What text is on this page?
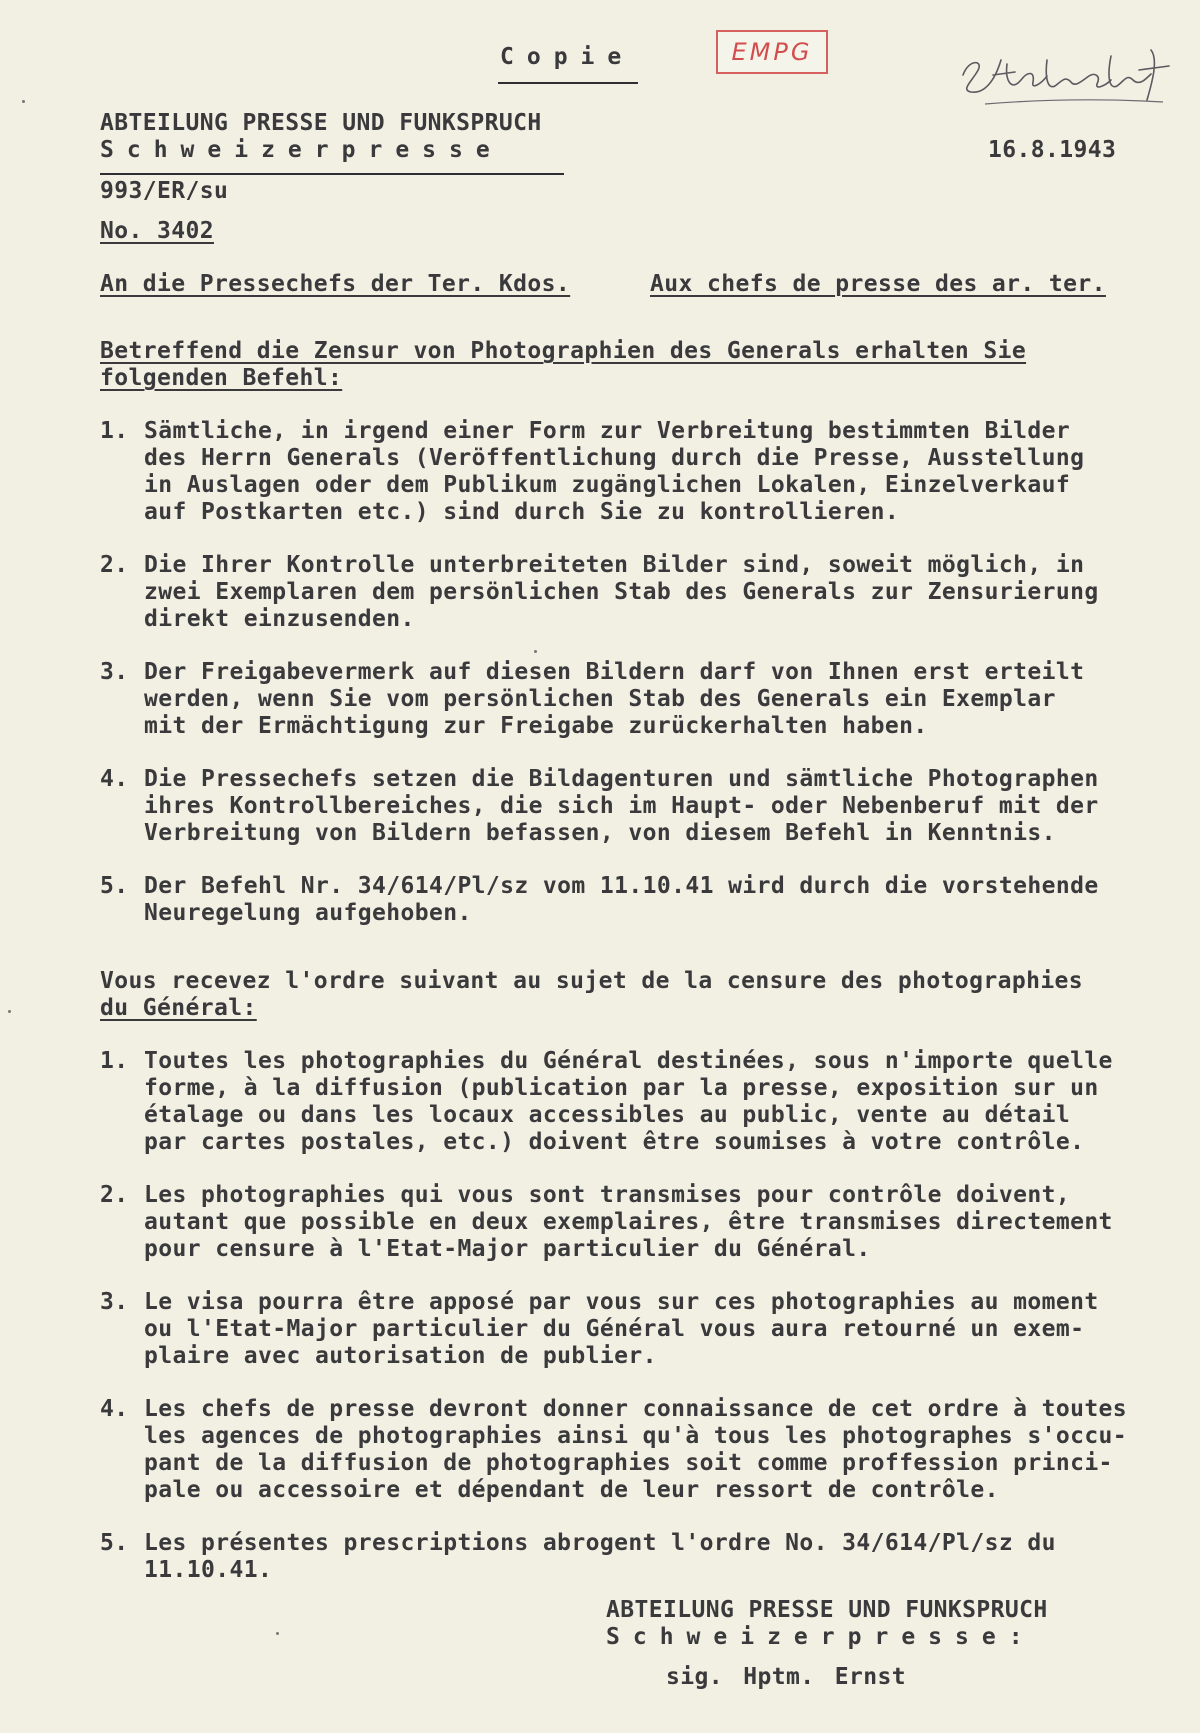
Copie	EMPG
ABTEILUNG PRESSE UND FUNKSPRUCH
Schweizerpresse	16.8.1943
993/ER/su
No. 3402
An die Pressechefs der Ter. Kdos.	Aux chefs de presse des ar. ter.
Betreffend die Zensur von Photographien des Generals erhalten Sie
folgenden Befehl:
1. Sämtliche, in irgend einer Form zur Verbreitung bestimmten Bilder
des Herrn Generals (Veröffentlichung durch die Presse, Ausstellung
in Auslagen oder dem Publikum zugänglichen Lokalen, Einzelverkauf
auf Postkarten etc.) sind durch Sie zu kontrollieren.
2. Die Ihrer Kontrolle unterbreiteten Bilder sind, soweit möglich, in
zwei Exemplaren dem persönlichen Stab des Generals zur Zensurierung
direkt einzusenden.
3. Der Freigabevermerk auf diesen Bildern darf von Ihnen erst erteilt
werden, wenn Sie vom persönlichen Stab des Generals ein Exemplar
mit der Ermächtigung zur Freigabe zurückerhalten haben.
4. Die Pressechefs setzen die Bildagenturen und sämtliche Photographen
ihres Kontrollbereiches, die sich im Haupt- oder Nebenberuf mit der
Verbreitung von Bildern befassen, von diesem Befehl in Kenntnis.
5. Der Befehl Nr. 34/614/Pl/sz vom 11.10.41 wird durch die vorstehende
Neuregelung aufgehoben.
Vous recevez l'ordre suivant au sujet de la censure des photographies
du Général:
1. Toutes les photographies du Général destinées, sous n'importe quelle
forme, à la diffusion (publication par la presse, exposition sur un
étalage ou dans les locaux accessibles au public, vente au détail
par cartes postales, etc.) doivent être soumises à votre contrôle.
2. Les photographies qui vous sont transmises pour contrôle doivent,
autant que possible en deux exemplaires, être transmises directement
pour censure à l'Etat-Major particulier du Général.
3. Le visa pourra être apposé par vous sur ces photographies au moment
ou l'Etat-Major particulier du Général vous aura retourné un exem-
plaire avec autorisation de publier.
4. Les chefs de presse devront donner connaissance de cet ordre à toutes
les agences de photographies ainsi qu'à tous les photographes s'occu-
pant de la diffusion de photographies soit comme proffession princi-
pale ou accessoire et dépendant de leur ressort de contrôle.
5. Les présentes prescriptions abrogent l'ordre No. 34/614/Pl/sz du
11.10.41.
ABTEILUNG PRESSE UND FUNKSPRUCH
Schweizerpresse:
sig. Hptm. Ernst
